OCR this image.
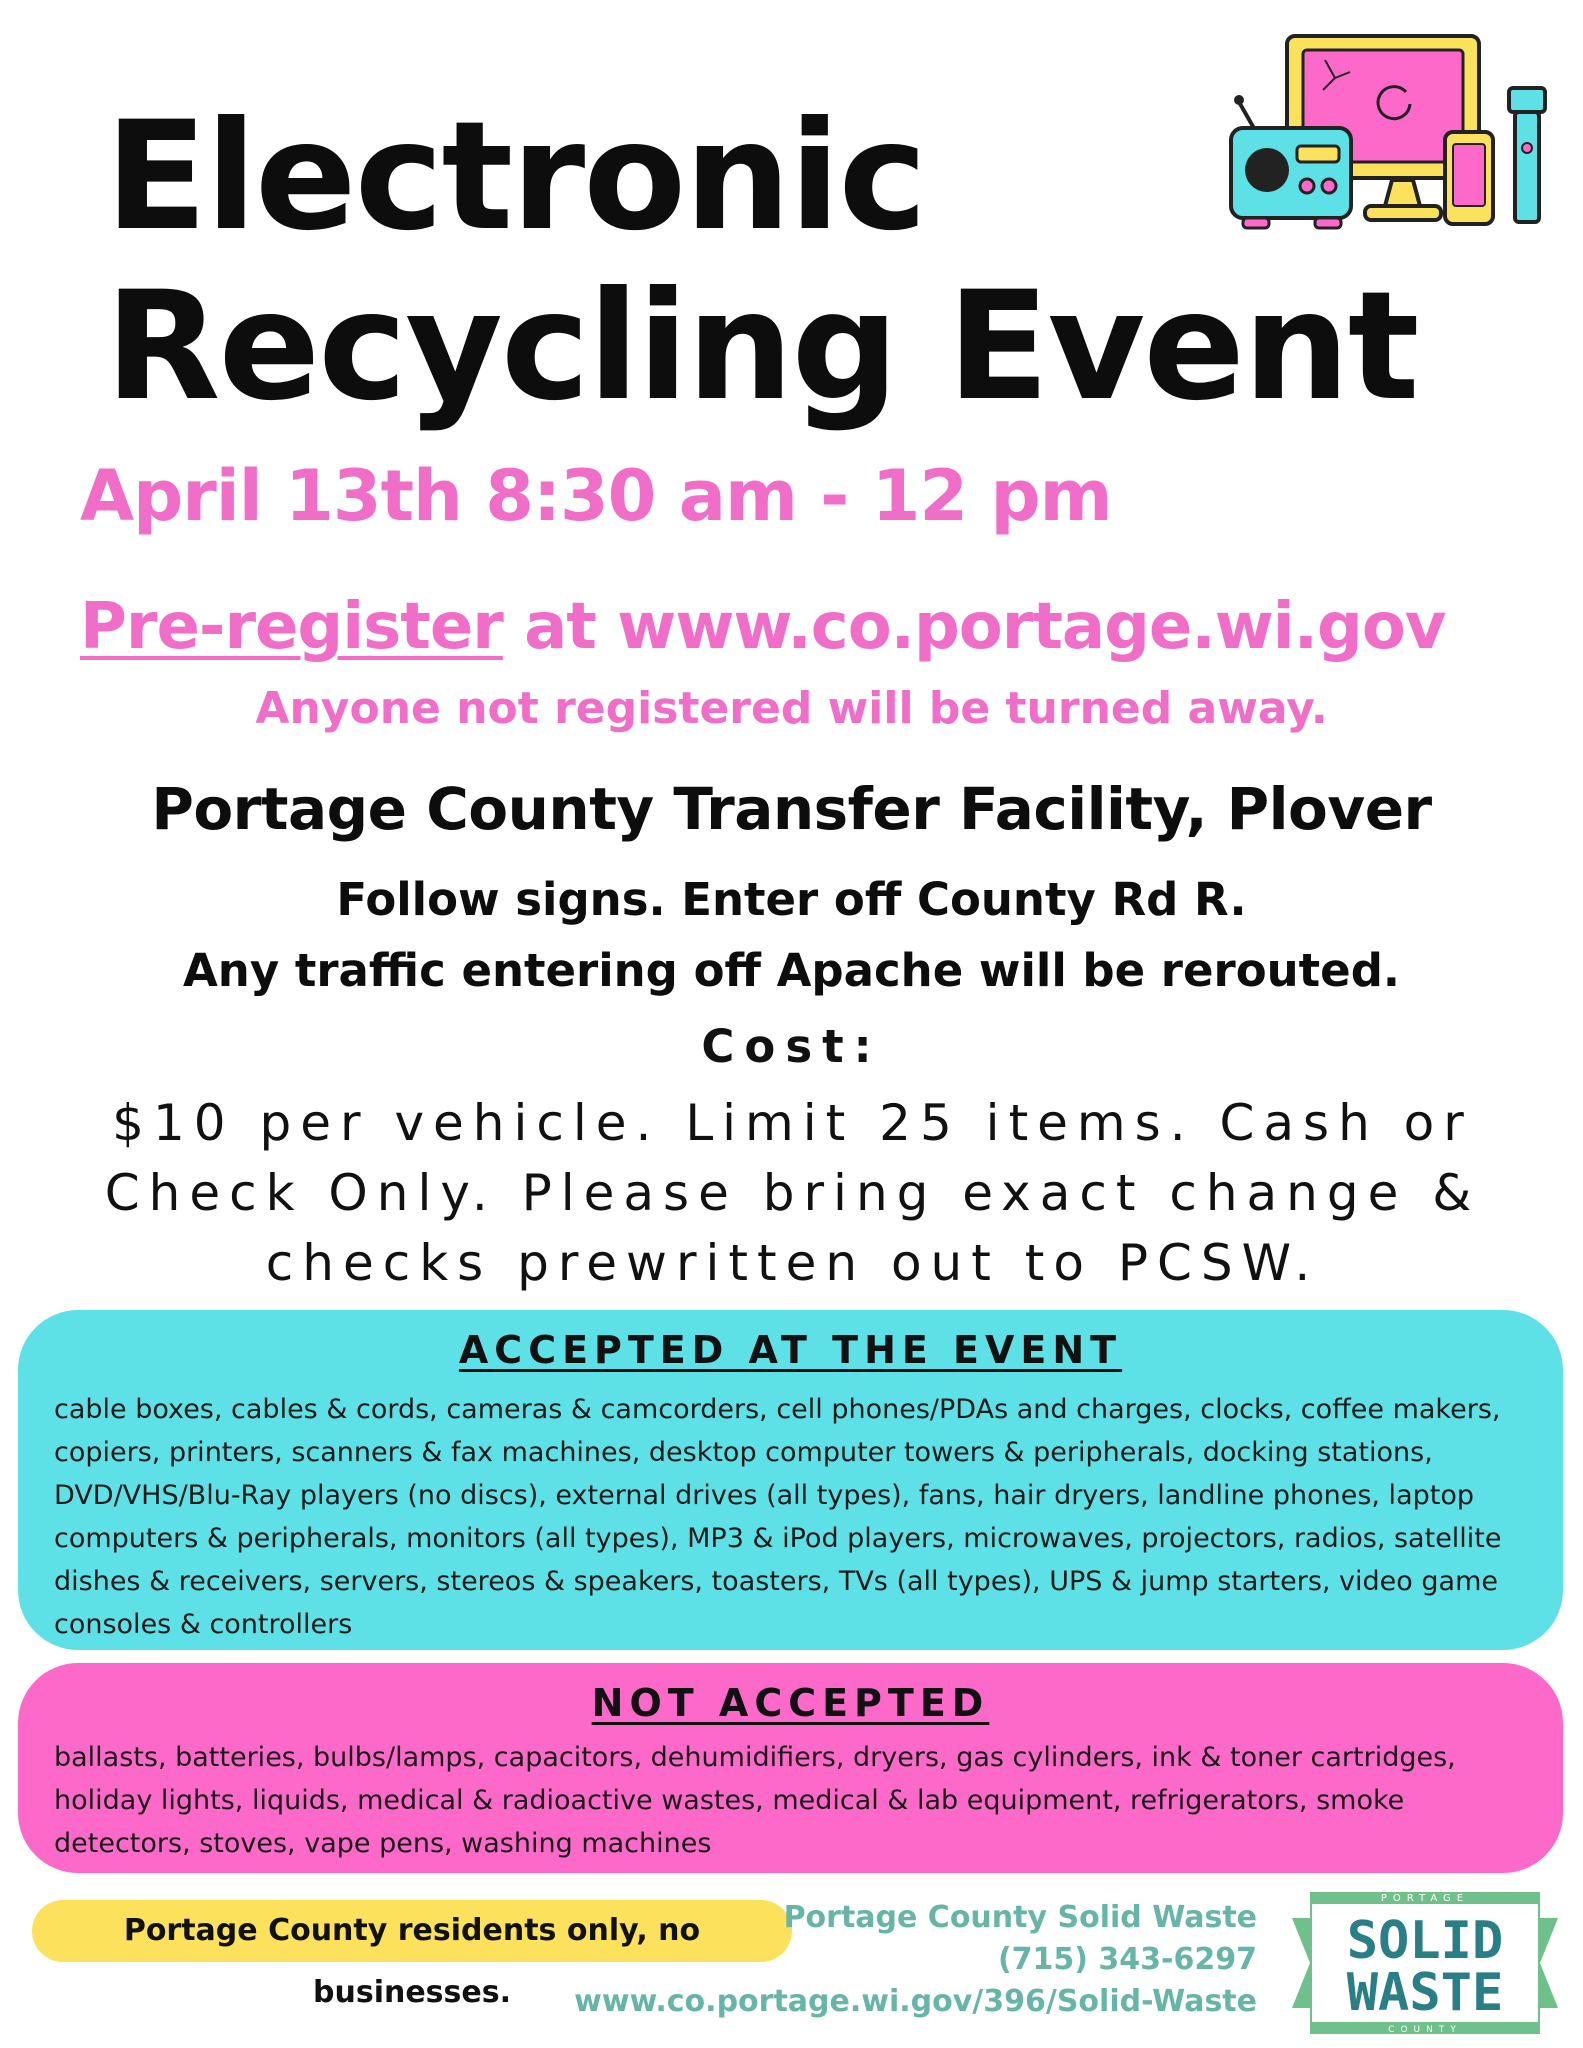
Electronic
Recycling Event

April 13th 8:30 am - 12 pm

Pre-register at www.co.portage.wi.gov

Anyone not registered will be turned away.

Portage County Transfer Facility, Plover

Follow signs. Enter off County Rd R.

Any traffic entering off Apache will be rerouted.

Cost:

$10 per vehicle. Limit 25 items. Cash or Check Only. Please bring exact change & checks prewritten out to PCSW.

ACCEPTED AT THE EVENT

cable boxes, cables & cords, cameras & camcorders, cell phones/PDAs and charges, clocks, coffee makers, copiers, printers, scanners & fax machines, desktop computer towers & peripherals, docking stations, DVD/VHS/Blu-Ray players (no discs), external drives (all types), fans, hair dryers, landline phones, laptop computers & peripherals, monitors (all types), MP3 & iPod players, microwaves, projectors, radios, satellite dishes & receivers, servers, stereos & speakers, toasters, TVs (all types), UPS & jump starters, video game consoles & controllers

NOT ACCEPTED

ballasts, batteries, bulbs/lamps, capacitors, dehumidifiers, dryers, gas cylinders, ink & toner cartridges, holiday lights, liquids, medical & radioactive wastes, medical & lab equipment, refrigerators, smoke detectors, stoves, vape pens, washing machines

Portage County residents only, no businesses.
Portage County Solid Waste
(715) 343-6297
www.co.portage.wi.gov/396/Solid-Waste
PORTAGE
SOLID
WASTE
COUNTY
